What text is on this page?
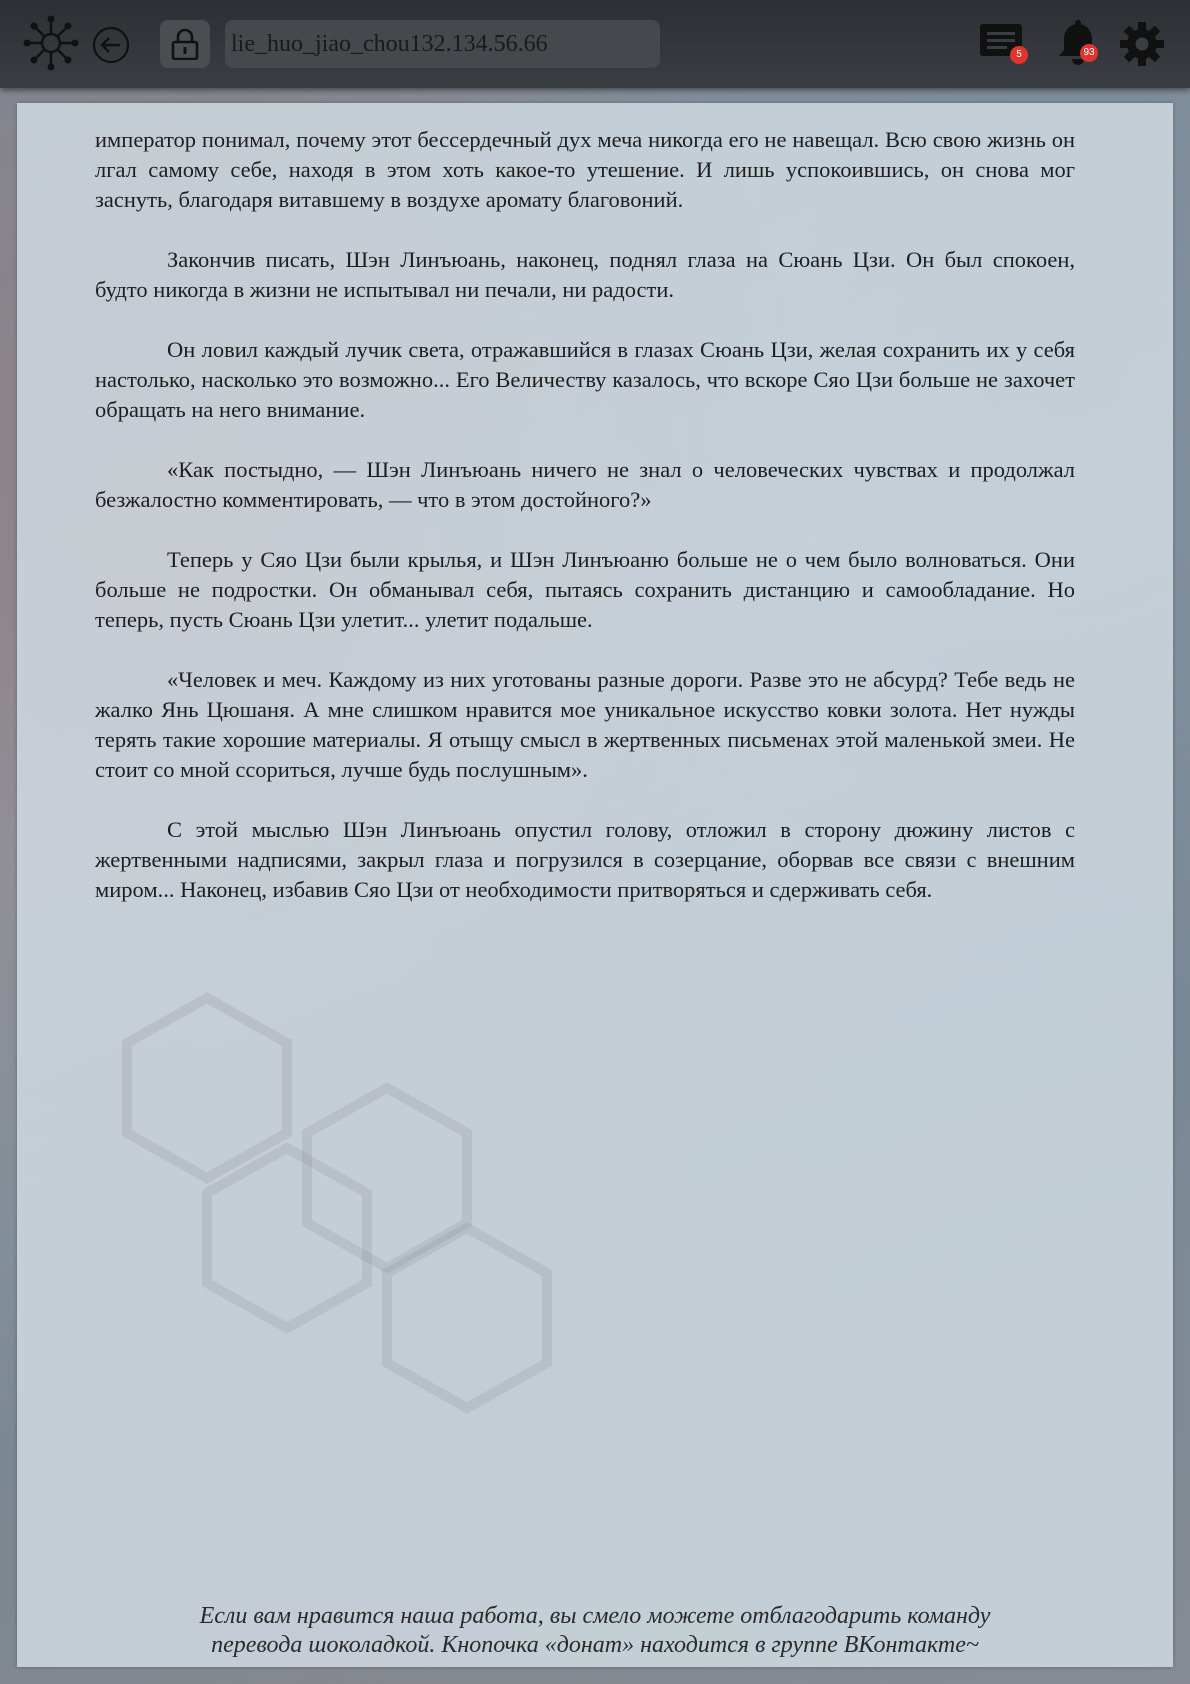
lie_huo_jiao_chou132.134.56.66
5	93

император понимал, почему этот бессердечный дух меча никогда его не навещал. Всю свою жизнь он лгал самому себе, находя в этом хоть какое-то утешение. И лишь успокоившись, он снова мог заснуть, благодаря витавшему в воздухе аромату благовоний.

Закончив писать, Шэн Линъюань, наконец, поднял глаза на Сюань Цзи. Он был спокоен, будто никогда в жизни не испытывал ни печали, ни радости.

Он ловил каждый лучик света, отражавшийся в глазах Сюань Цзи, желая сохранить их у себя настолько, насколько это возможно... Его Величеству казалось, что вскоре Сяо Цзи больше не захочет обращать на него внимание.

«Как постыдно, — Шэн Линъюань ничего не знал о человеческих чувствах и продолжал безжалостно комментировать, — что в этом достойного?»

Теперь у Сяо Цзи были крылья, и Шэн Линъюаню больше не о чем было волноваться. Они больше не подростки. Он обманывал себя, пытаясь сохранить дистанцию и самообладание. Но теперь, пусть Сюань Цзи улетит... улетит подальше.

«Человек и меч. Каждому из них уготованы разные дороги. Разве это не абсурд? Тебе ведь не жалко Янь Цюшаня. А мне слишком нравится мое уникальное искусство ковки золота. Нет нужды терять такие хорошие материалы. Я отыщу смысл в жертвенных письменах этой маленькой змеи. Не стоит со мной ссориться, лучше будь послушным».

С этой мыслью Шэн Линъюань опустил голову, отложил в сторону дюжину листов с жертвенными надписями, закрыл глаза и погрузился в созерцание, оборвав все связи с внешним миром... Наконец, избавив Сяо Цзи от необходимости притворяться и сдерживать себя.

Если вам нравится наша работа, вы смело можете отблагодарить команду
перевода шоколадкой. Кнопочка «донат» находится в группе ВКонтакте~
